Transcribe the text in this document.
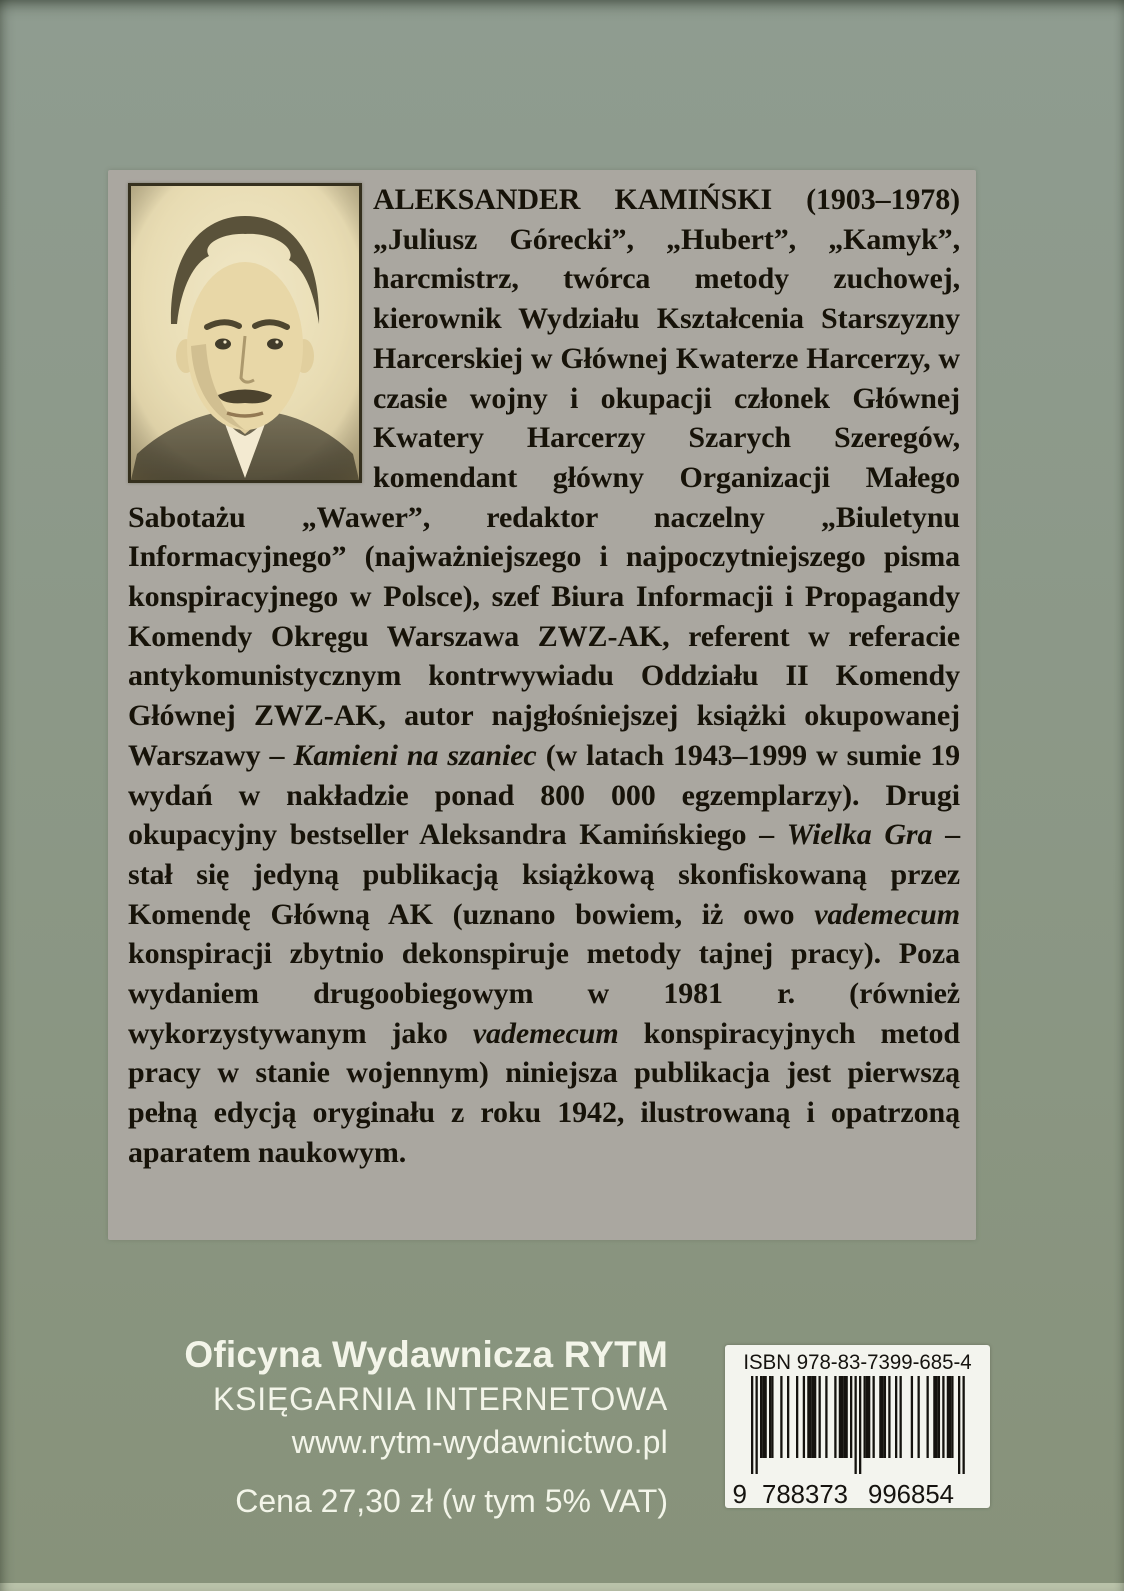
ALEKSANDER KAMIŃSKI (1903–1978) „Juliusz Górecki”, „Hubert”, „Kamyk”, harcmistrz, twórca metody zuchowej, kierownik Wydziału Kształcenia Starszyzny Harcerskiej w Głównej Kwaterze Harcerzy, w czasie wojny i okupacji członek Głównej Kwatery Harcerzy Szarych Szeregów, komendant główny Organizacji Małego Sabotażu „Wawer”, redaktor naczelny „Biuletynu Informacyjnego” (najważniejszego i najpoczytniejszego pisma konspiracyjnego w Polsce), szef Biura Informacji i Propagandy Komendy Okręgu Warszawa ZWZ-AK, referent w referacie antykomunistycznym kontrwywiadu Oddziału II Komendy Głównej ZWZ-AK, autor najgłośniejszej książki okupowanej Warszawy – Kamieni na szaniec (w latach 1943–1999 w sumie 19 wydań w nakładzie ponad 800 000 egzemplarzy). Drugi okupacyjny bestseller Aleksandra Kamińskiego – Wielka Gra – stał się jedyną publikacją książkową skonfiskowaną przez Komendę Główną AK (uznano bowiem, iż owo vademecum konspiracji zbytnio dekonspiruje metody tajnej pracy). Poza wydaniem drugoobiegowym w 1981 r. (również wykorzystywanym jako vademecum konspiracyjnych metod pracy w stanie wojennym) niniejsza publikacja jest pierwszą pełną edycją oryginału z roku 1942, ilustrowaną i opatrzoną aparatem naukowym.

Oficyna Wydawnicza RYTM
KSIĘGARNIA INTERNETOWA
www.rytm-wydawnictwo.pl
Cena 27,30 zł (w tym 5% VAT)
ISBN 978-83-7399-685-4
9 788373 996854
